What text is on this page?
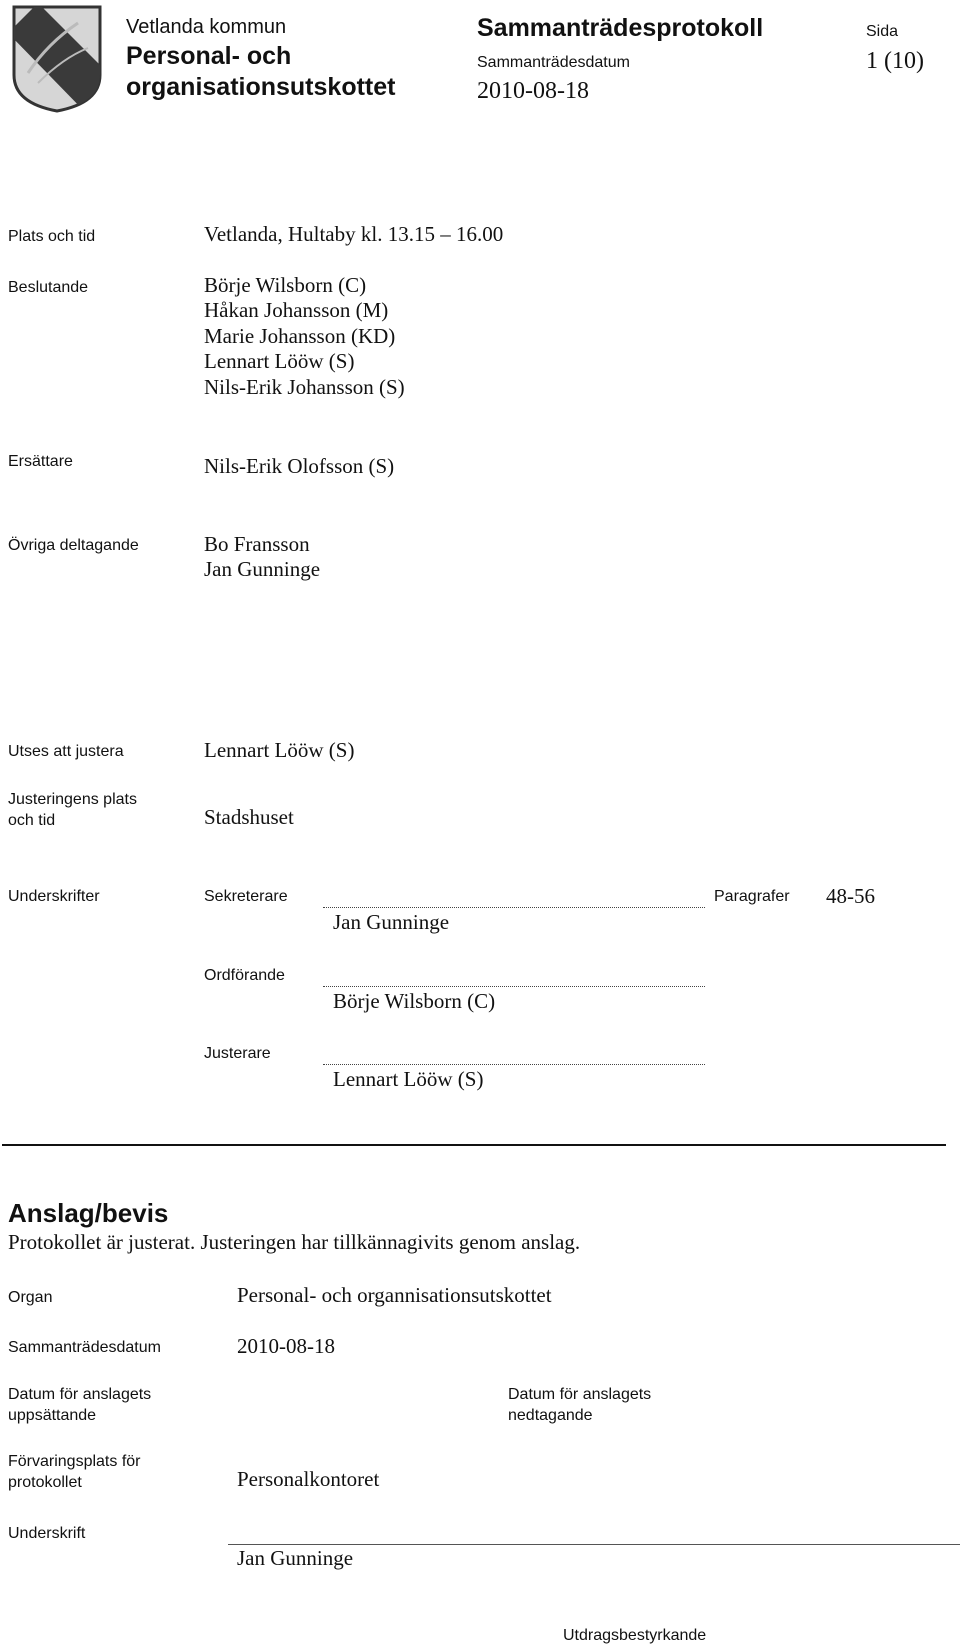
Vetlanda kommun
Personal- och
organisationsutskottet
Sammanträdesprotokoll
Sammanträdesdatum
2010-08-18
Sida
1 (10)
Plats och tid	Vetlanda, Hultaby kl. 13.15 – 16.00
Beslutande	Börje Wilsborn (C)
Håkan Johansson (M)
Marie Johansson (KD)
Lennart Lööw (S)
Nils-Erik Johansson (S)
Ersättare	Nils-Erik Olofsson (S)
Övriga deltagande	Bo Fransson
Jan Gunninge
Utses att justera	Lennart Lööw (S)
Justeringens plats
och tid	Stadshuset
Underskrifter	Sekreterare
Jan Gunninge
Paragrafer 48-56
Ordförande
Börje Wilsborn (C)
Justerare
Lennart Lööw (S)
Anslag/bevis
Protokollet är justerat. Justeringen har tillkännagivits genom anslag.
Organ	Personal- och organnisationsutskottet
Sammanträdesdatum	2010-08-18
Datum för anslagets
uppsättande
Datum för anslagets
nedtagande
Förvaringsplats för
protokollet	Personalkontoret
Underskrift
Jan Gunninge
Utdragsbestyrkande
